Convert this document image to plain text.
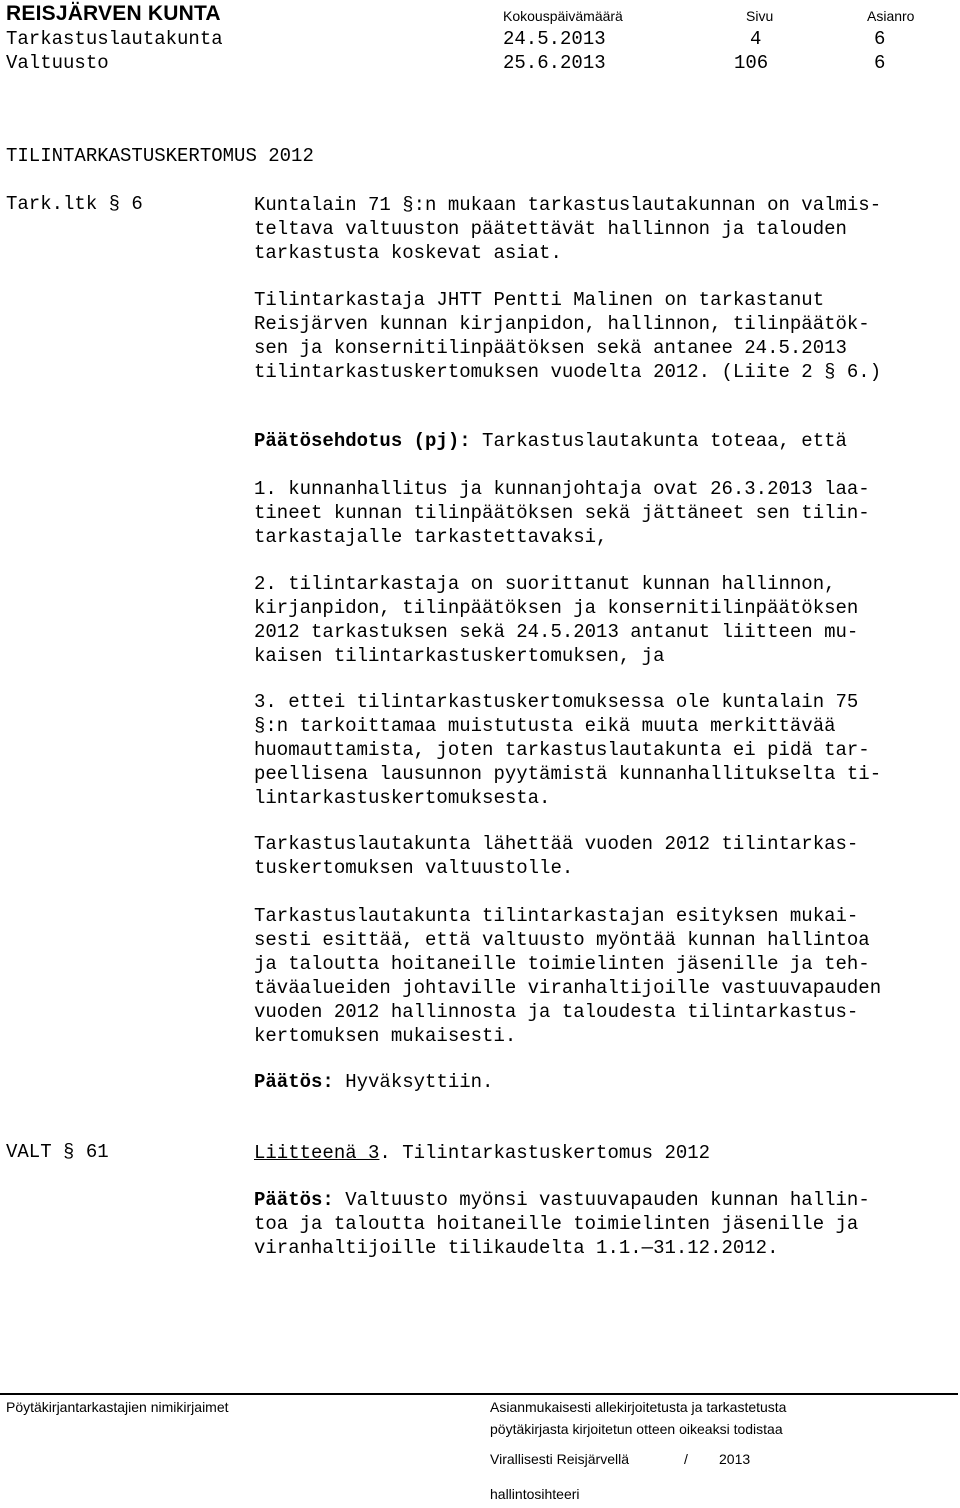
REISJÄRVEN KUNTA	Kokouspäivämäärä	Sivu	Asianro
Tarkastuslautakunta	24.5.2013	4	6
Valtuusto	25.6.2013	106	6
TILINTARKASTUSKERTOMUS 2012
Tark.ltk § 6	Kuntalain 71 §:n mukaan tarkastuslautakunnan on valmis-
teltava valtuuston päätettävät hallinnon ja talouden
tarkastusta koskevat asiat.
Tilintarkastaja JHTT Pentti Malinen on tarkastanut
Reisjärven kunnan kirjanpidon, hallinnon, tilinpäätök-
sen ja konsernitilinpäätöksen sekä antanee 24.5.2013
tilintarkastuskertomuksen vuodelta 2012. (Liite 2 § 6.)
Päätösehdotus (pj): Tarkastuslautakunta toteaa, että
1. kunnanhallitus ja kunnanjohtaja ovat 26.3.2013 laa-
tineet kunnan tilinpäätöksen sekä jättäneet sen tilin-
tarkastajalle tarkastettavaksi,
2. tilintarkastaja on suorittanut kunnan hallinnon,
kirjanpidon, tilinpäätöksen ja konsernitilinpäätöksen
2012 tarkastuksen sekä 24.5.2013 antanut liitteen mu-
kaisen tilintarkastuskertomuksen, ja
3. ettei tilintarkastuskertomuksessa ole kuntalain 75
§:n tarkoittamaa muistutusta eikä muuta merkittävää
huomauttamista, joten tarkastuslautakunta ei pidä tar-
peellisena lausunnon pyytämistä kunnanhallitukselta ti-
lintarkastuskertomuksesta.
Tarkastuslautakunta lähettää vuoden 2012 tilintarkas-
tuskertomuksen valtuustolle.
Tarkastuslautakunta tilintarkastajan esityksen mukai-
sesti esittää, että valtuusto myöntää kunnan hallintoa
ja taloutta hoitaneille toimielinten jäsenille ja teh-
täväalueiden johtaville viranhaltijoille vastuuvapauden
vuoden 2012 hallinnosta ja taloudesta tilintarkastus-
kertomuksen mukaisesti.
Päätös: Hyväksyttiin.
VALT § 61	Liitteenä 3. Tilintarkastuskertomus 2012
Päätös: Valtuusto myönsi vastuuvapauden kunnan hallin-
toa ja taloutta hoitaneille toimielinten jäsenille ja
viranhaltijoille tilikaudelta 1.1.—31.12.2012.
Pöytäkirjantarkastajien nimikirjaimet	Asianmukaisesti allekirjoitetusta ja tarkastetusta
pöytäkirjasta kirjoitetun otteen oikeaksi todistaa
Virallisesti Reisjärvellä	/ 2013
hallintosihteeri
